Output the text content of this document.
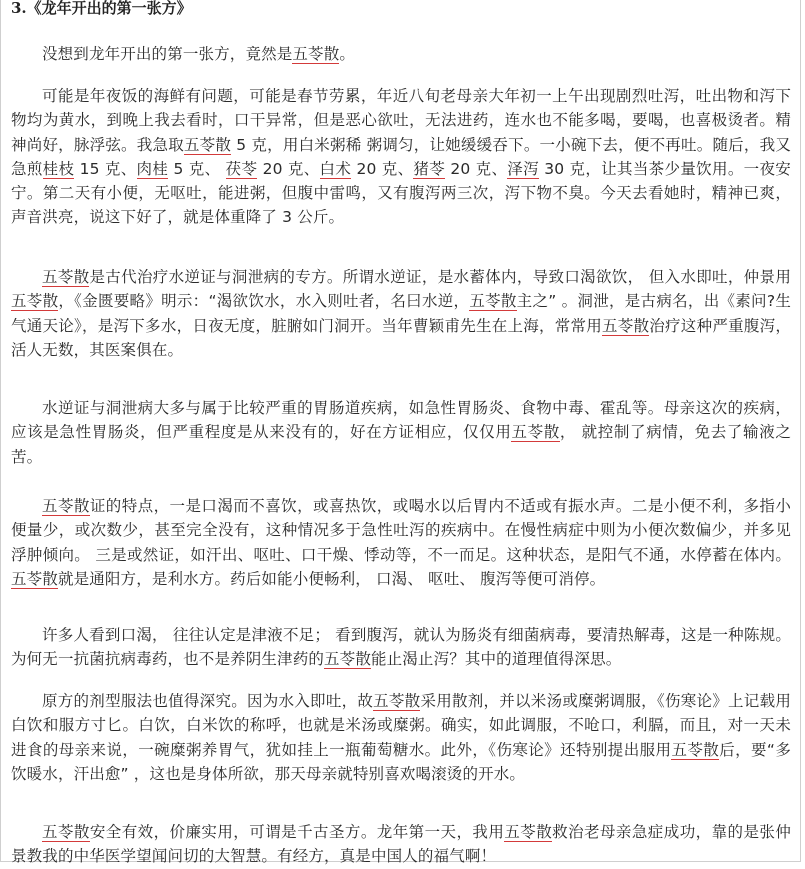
3.《龙年开出的第一张方》

没想到龙年开出的第一张方，竟然是五苓散。

可能是年夜饭的海鲜有问题，可能是春节劳累，年近八旬老母亲大年初一上午出现剧烈吐泻，吐出物和泻下物均为黄水，到晚上我去看时，口干异常，但是恶心欲吐，无法进药，连水也不能多喝，要喝，也喜极烫者。精神尚好，脉浮弦。我急取五苓散 5 克，用白米粥稀 粥调匀，让她缓缓吞下。一小碗下去，便不再吐。随后，我又急煎桂枝 15 克、肉桂 5 克、 茯苓 20 克、白术 20 克、猪苓 20 克、泽泻 30 克，让其当茶少量饮用。一夜安宁。第二天有小便，无呕吐，能进粥，但腹中雷鸣，又有腹泻两三次，泻下物不臭。今天去看她时，精神已爽，声音洪亮，说这下好了，就是体重降了 3 公斤。

五苓散是古代治疗水逆证与洞泄病的专方。所谓水逆证，是水蓄体内，导致口渴欲饮， 但入水即吐，仲景用五苓散，《金匮要略》明示：“渴欲饮水，水入则吐者，名曰水逆，五苓散主之” 。洞泄，是古病名，出《素问?生气通天论》，是泻下多水，日夜无度，脏腑如门洞开。当年曹颖甫先生在上海，常常用五苓散治疗这种严重腹泻，活人无数，其医案俱在。

水逆证与洞泄病大多与属于比较严重的胃肠道疾病，如急性胃肠炎、食物中毒、霍乱等。母亲这次的疾病，应该是急性胃肠炎，但严重程度是从来没有的，好在方证相应，仅仅用五苓散， 就控制了病情，免去了输液之苦。

五苓散证的特点，一是口渴而不喜饮，或喜热饮，或喝水以后胃内不适或有振水声。二是小便不利，多指小便量少，或次数少，甚至完全没有，这种情况多于急性吐泻的疾病中。在慢性病症中则为小便次数偏少，并多见浮肿倾向。 三是或然证，如汗出、呕吐、口干燥、悸动等，不一而足。这种状态，是阳气不通，水停蓄在体内。五苓散就是通阳方，是利水方。药后如能小便畅利， 口渴、 呕吐、 腹泻等便可消停。

许多人看到口渴， 往往认定是津液不足； 看到腹泻，就认为肠炎有细菌病毒，要清热解毒，这是一种陈规。为何无一抗菌抗病毒药，也不是养阴生津药的五苓散能止渴止泻？其中的道理值得深思。

原方的剂型服法也值得深究。因为水入即吐，故五苓散采用散剂，并以米汤或糜粥调服，《伤寒论》上记载用白饮和服方寸匕。白饮，白米饮的称呼，也就是米汤或糜粥。确实，如此调服，不呛口，利膈，而且，对一天未进食的母亲来说，一碗糜粥养胃气，犹如挂上一瓶葡萄糖水。此外，《伤寒论》还特别提出服用五苓散后，要“多饮暖水，汗出愈” ，这也是身体所欲，那天母亲就特别喜欢喝滚烫的开水。

五苓散安全有效，价廉实用，可谓是千古圣方。龙年第一天，我用五苓散救治老母亲急症成功，靠的是张仲景教我的中华医学望闻问切的大智慧。有经方，真是中国人的福气啊！
